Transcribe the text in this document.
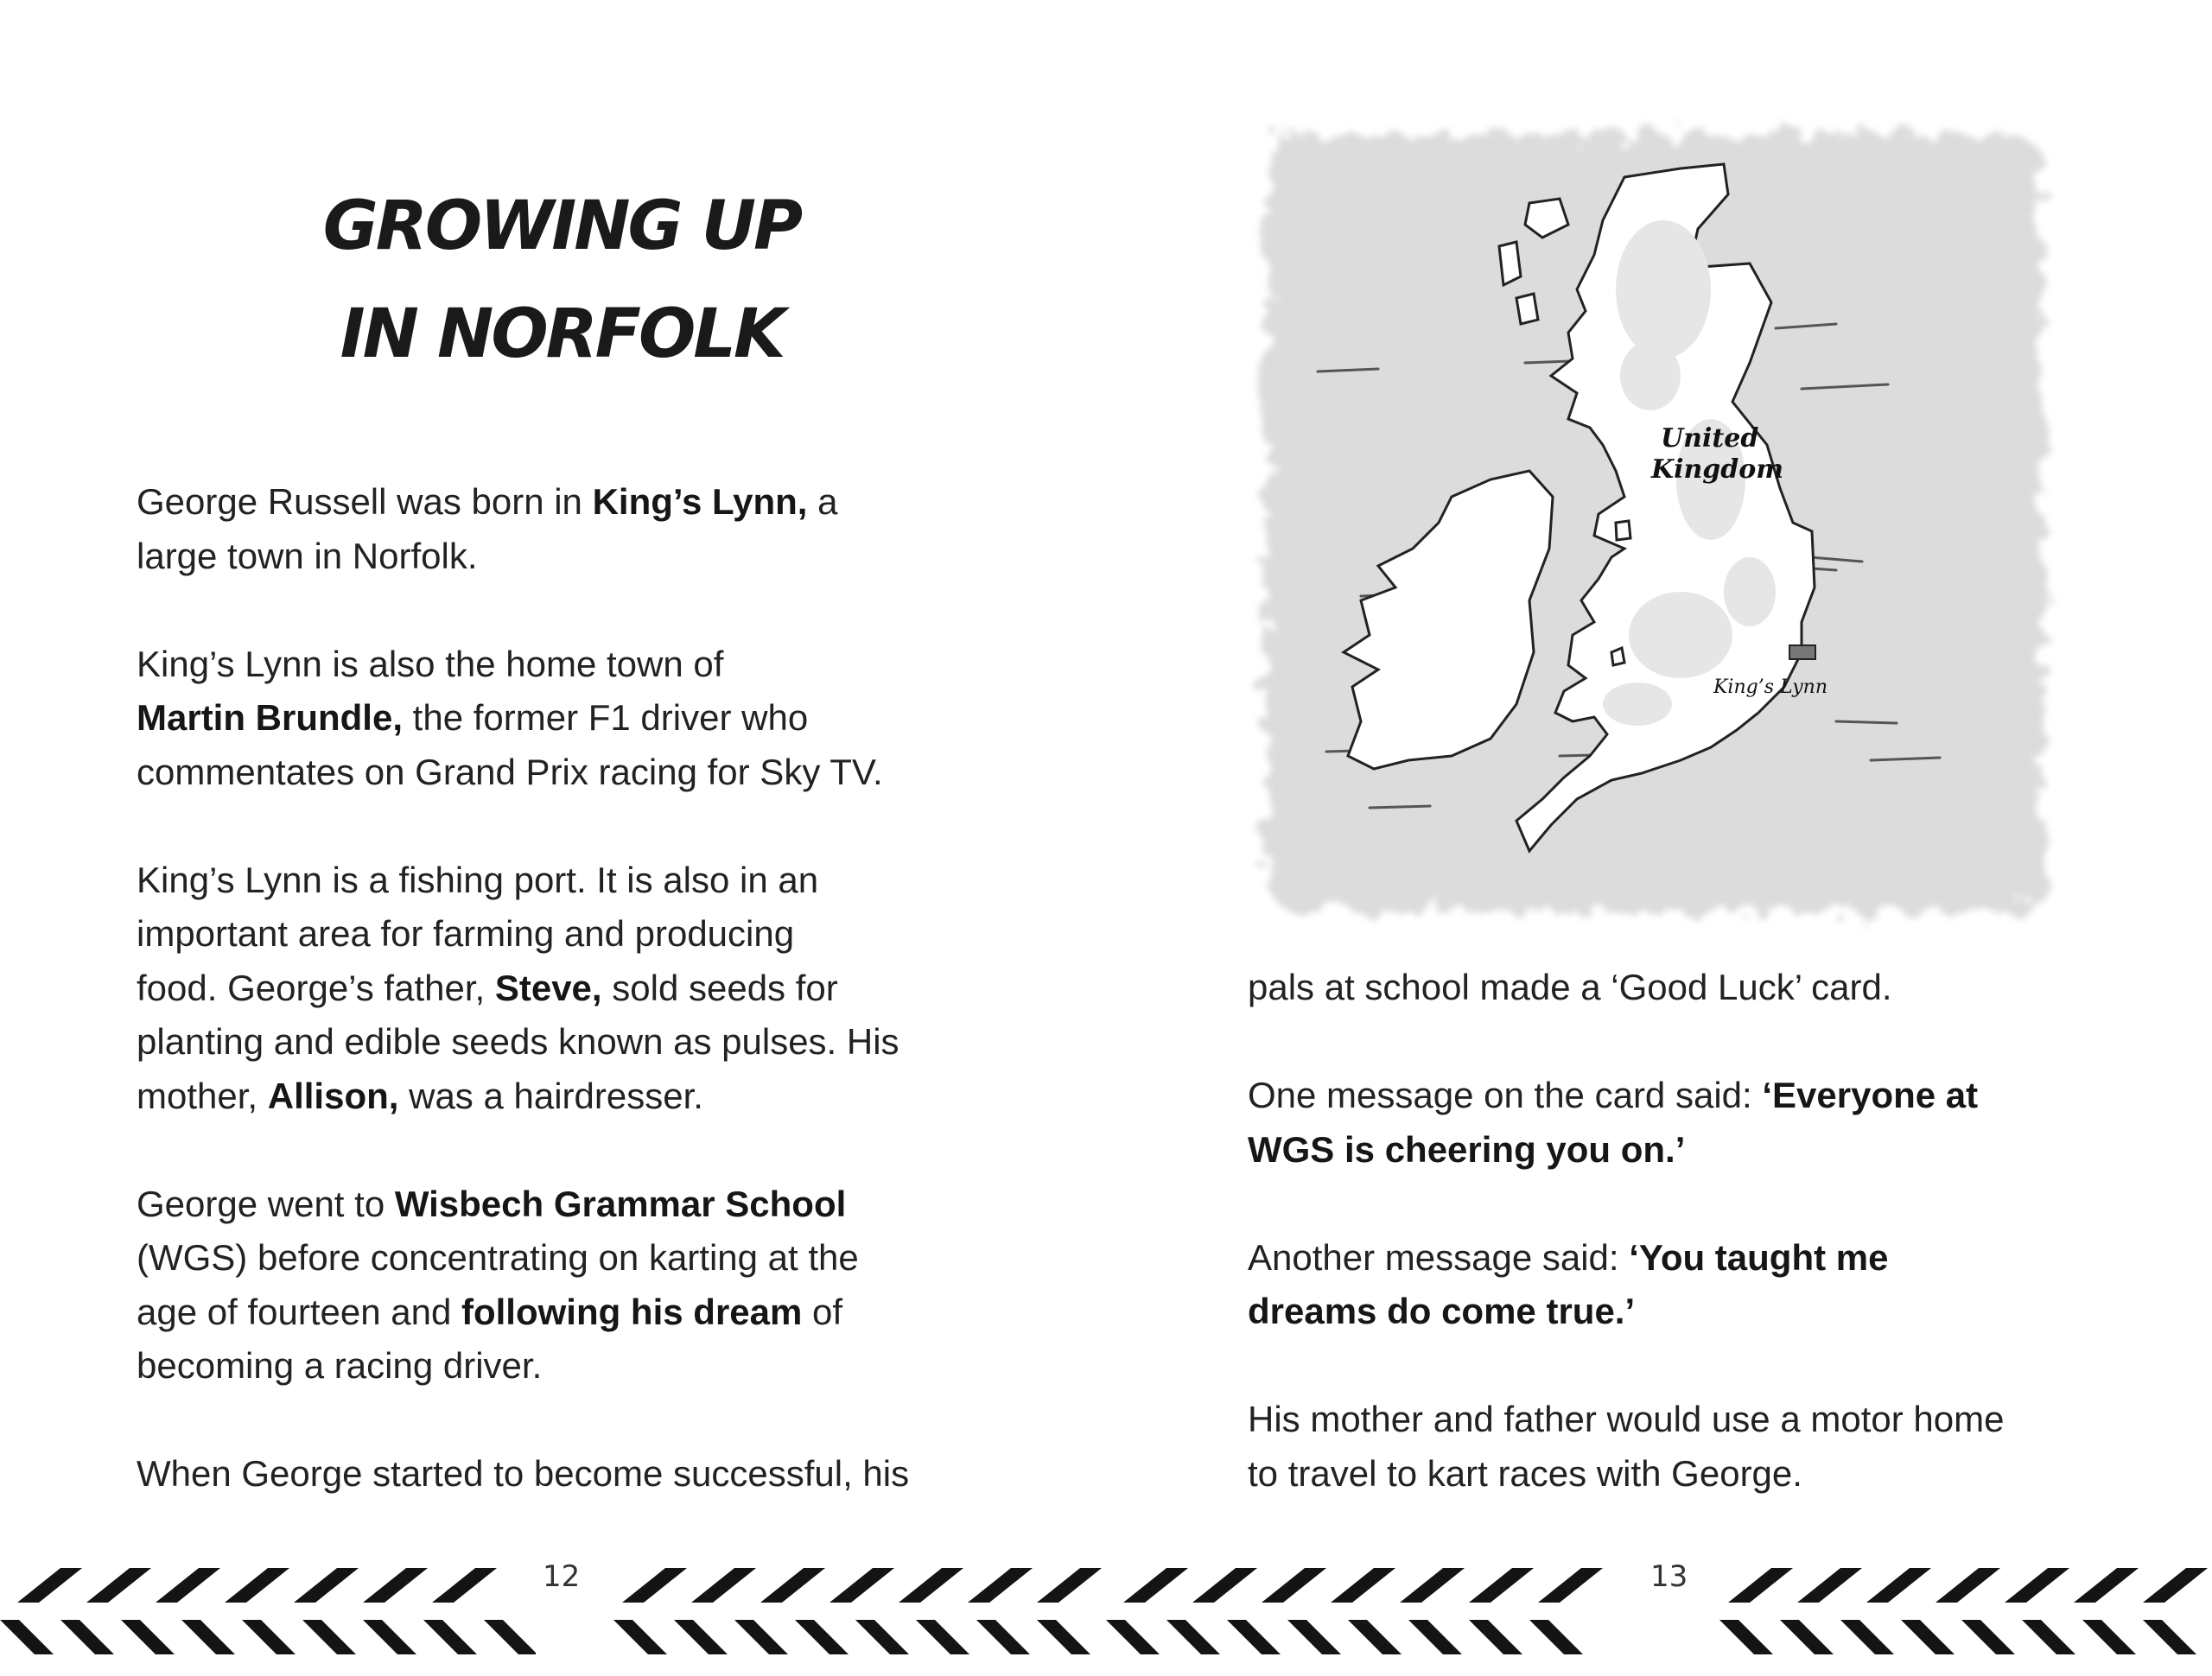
GROWING UP
IN NORFOLK

George Russell was born in King’s Lynn, a
large town in Norfolk.

King’s Lynn is also the home town of
Martin Brundle, the former F1 driver who
commentates on Grand Prix racing for Sky TV.

King’s Lynn is a fishing port. It is also in an
important area for farming and producing
food. George’s father, Steve, sold seeds for
planting and edible seeds known as pulses. His
mother, Allison, was a hairdresser.

George went to Wisbech Grammar School
(WGS) before concentrating on karting at the
age of fourteen and following his dream of
becoming a racing driver.

When George started to become successful, his

12
United
Kingdom
King’s Lynn

pals at school made a ‘Good Luck’ card.

One message on the card said: ‘Everyone at
WGS is cheering you on.’

Another message said: ‘You taught me
dreams do come true.’

His mother and father would use a motor home
to travel to kart races with George.

13
